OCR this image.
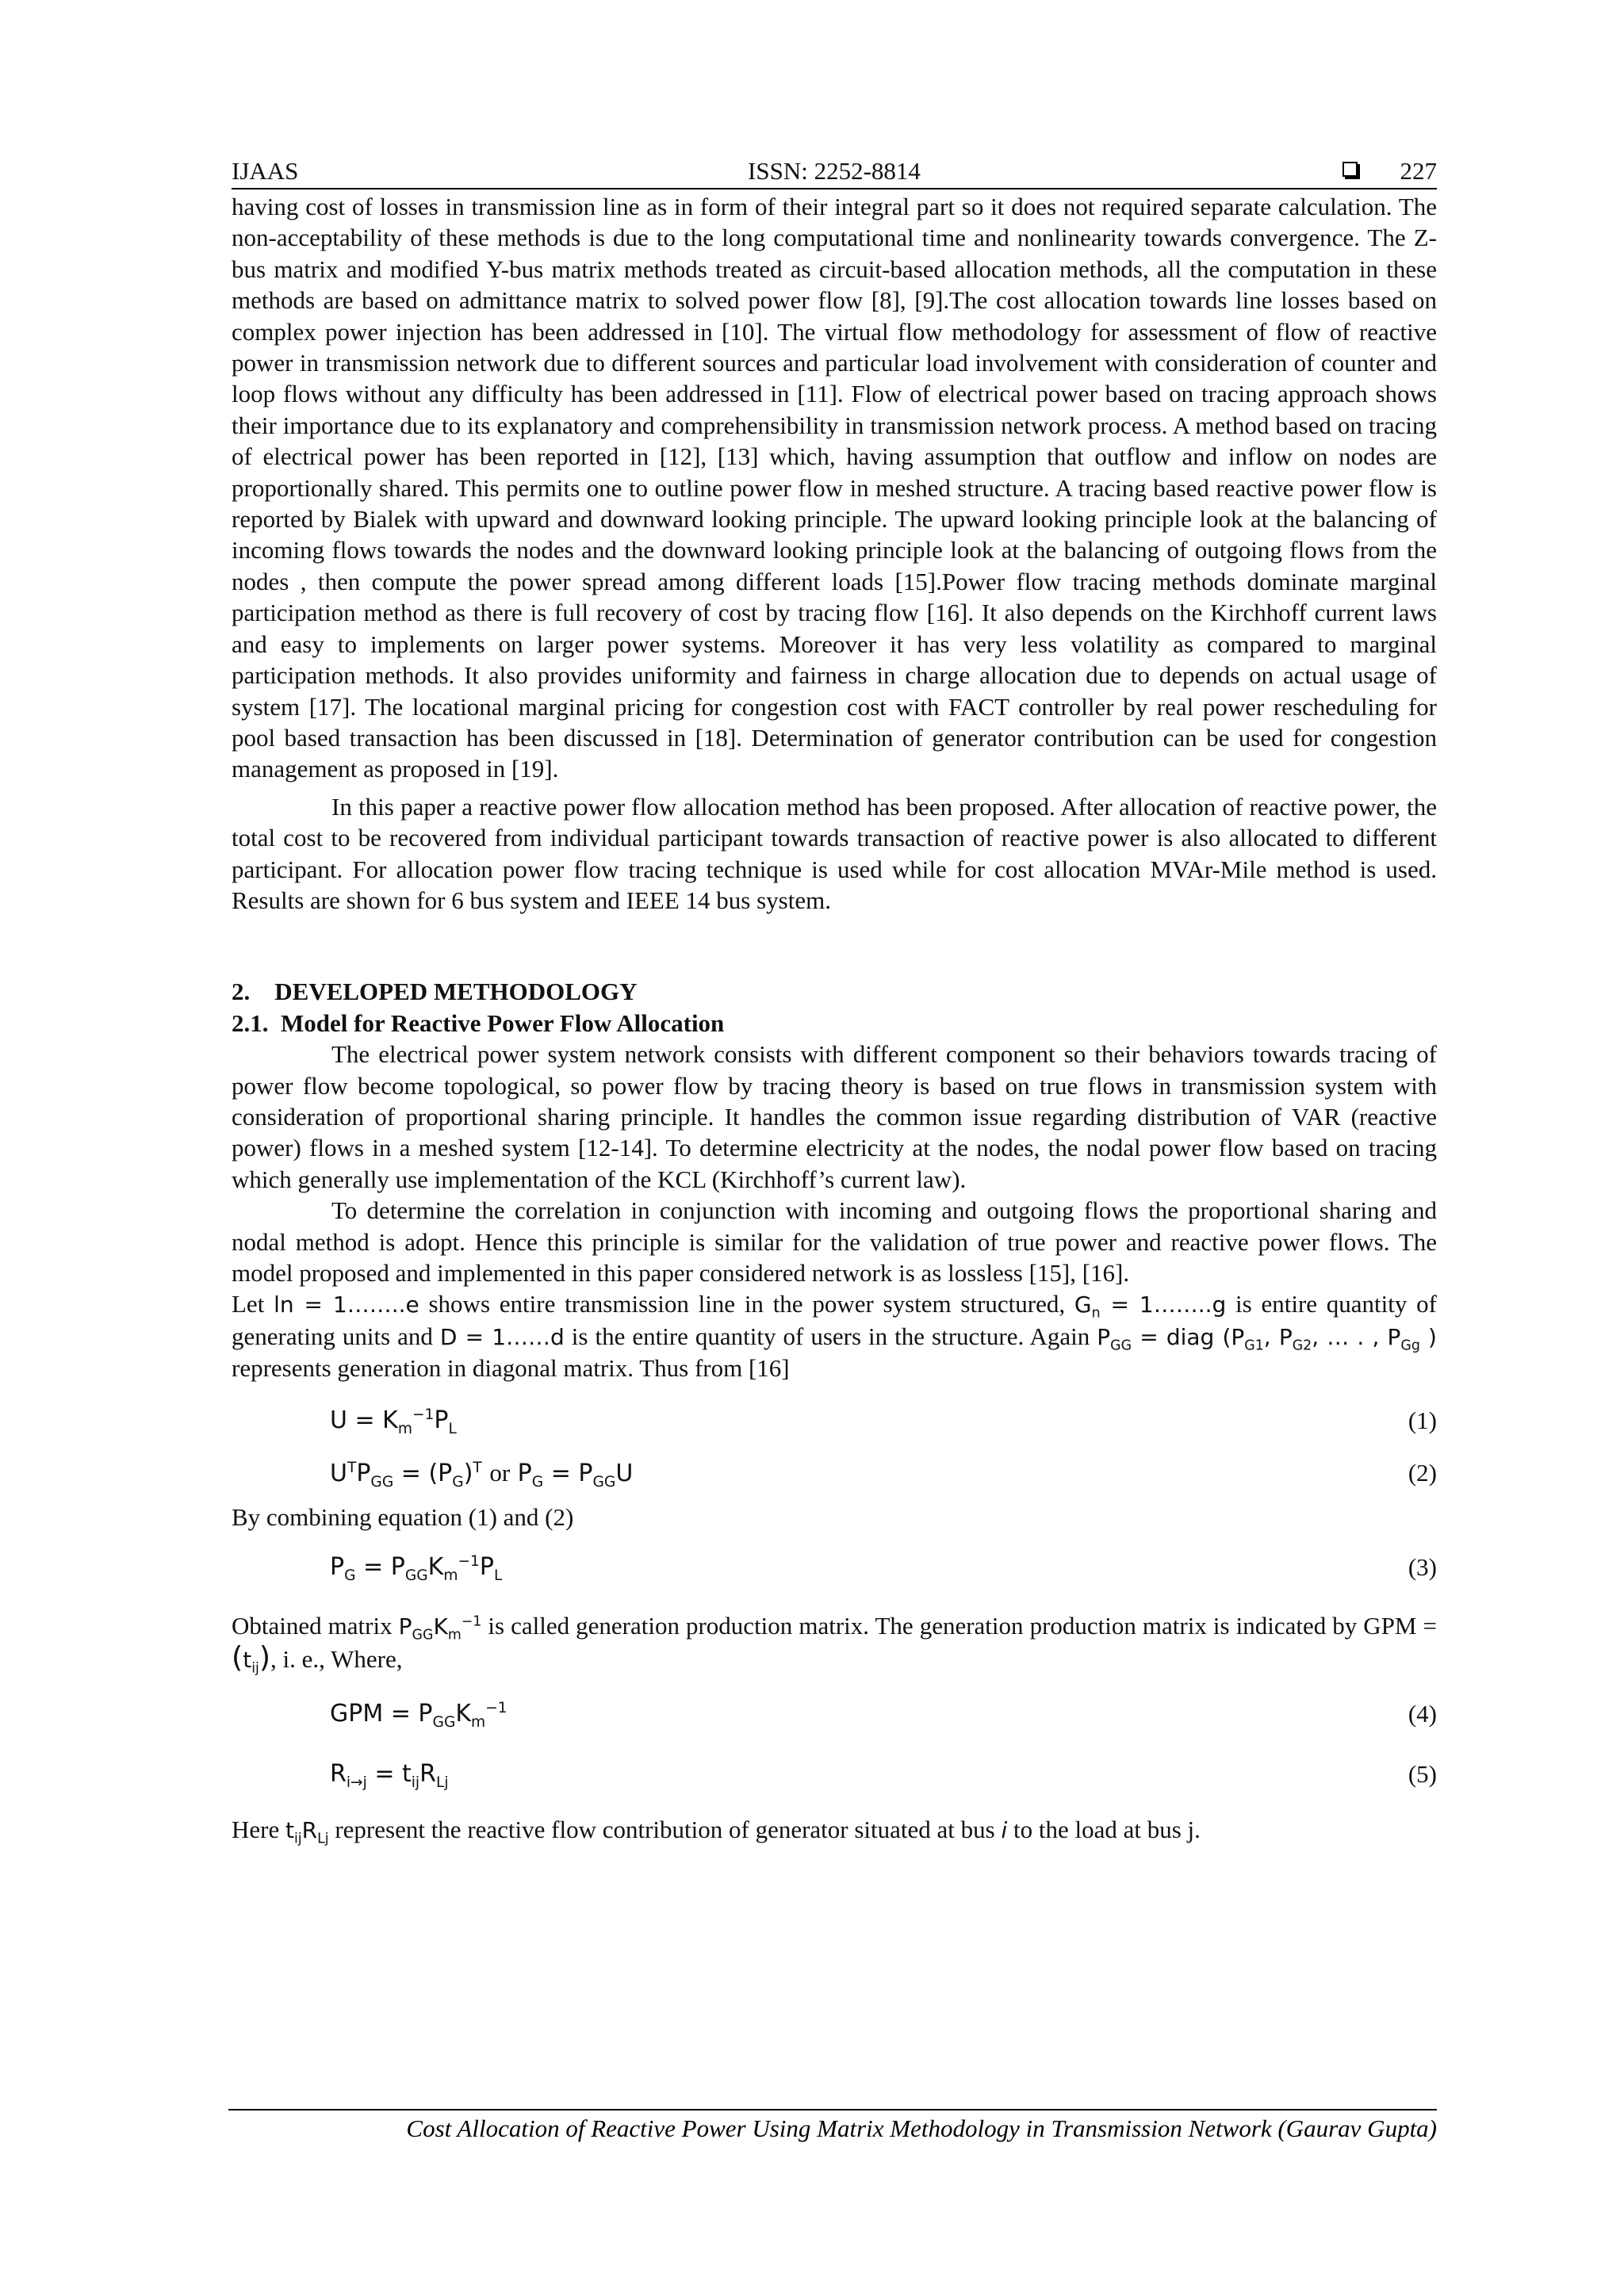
IJAAS	ISSN: 2252-8814	227

having cost of losses in transmission line as in form of their integral part so it does not required separate calculation. The non-acceptability of these methods is due to the long computational time and nonlinearity towards convergence. The Z-bus matrix and modified Y-bus matrix methods treated as circuit-based allocation methods, all the computation in these methods are based on admittance matrix to solved power flow [8], [9].The cost allocation towards line losses based on complex power injection has been addressed in [10]. The virtual flow methodology for assessment of flow of reactive power in transmission network due to different sources and particular load involvement with consideration of counter and loop flows without any difficulty has been addressed in [11]. Flow of electrical power based on tracing approach shows their importance due to its explanatory and comprehensibility in transmission network process. A method based on tracing of electrical power has been reported in [12], [13] which, having assumption that outflow and inflow on nodes are proportionally shared. This permits one to outline power flow in meshed structure. A tracing based reactive power flow is reported by Bialek with upward and downward looking principle. The upward looking principle look at the balancing of incoming flows towards the nodes and the downward looking principle look at the balancing of outgoing flows from the nodes , then compute the power spread among different loads [15].Power flow tracing methods dominate marginal participation method as there is full recovery of cost by tracing flow [16]. It also depends on the Kirchhoff current laws and easy to implements on larger power systems. Moreover it has very less volatility as compared to marginal participation methods. It also provides uniformity and fairness in charge allocation due to depends on actual usage of system [17]. The locational marginal pricing for congestion cost with FACT controller by real power rescheduling for pool based transaction has been discussed in [18]. Determination of generator contribution can be used for congestion management as proposed in [19].

In this paper a reactive power flow allocation method has been proposed. After allocation of reactive power, the total cost to be recovered from individual participant towards transaction of reactive power is also allocated to different participant. For allocation power flow tracing technique is used while for cost allocation MVAr-Mile method is used. Results are shown for 6 bus system and IEEE 14 bus system.

2.    DEVELOPED METHODOLOGY

2.1.  Model for Reactive Power Flow Allocation

The electrical power system network consists with different component so their behaviors towards tracing of power flow become topological, so power flow by tracing theory is based on true flows in transmission system with consideration of proportional sharing principle. It handles the common issue regarding distribution of VAR (reactive power) flows in a meshed system [12-14]. To determine electricity at the nodes, the nodal power flow based on tracing which generally use implementation of the KCL (Kirchhoff’s current law).

To determine the correlation in conjunction with incoming and outgoing flows the proportional sharing and nodal method is adopt. Hence this principle is similar for the validation of true power and reactive power flows. The model proposed and implemented in this paper considered network is as lossless [15], [16].

Let ln = 1……..e shows entire transmission line in the power system structured, $G_n$ = 1……..g is entire quantity of generating units and D = 1……d is the entire quantity of users in the structure. Again $P_{GG}$ = diag ($P_{G1}$, $P_{G2}$, … . , $P_{Gg}$ ) represents generation in diagonal matrix. Thus from [16]

$U = K_m^{-1}P_L$	(1)
$U^TP_{GG} = (P_G)^T$ or $P_G = P_{GG}U$	(2)

By combining equation (1) and (2)

$P_G = P_{GG}K_m^{-1}P_L$	(3)

Obtained matrix $P_{GG}K_m^{-1}$ is called generation production matrix. The generation production matrix is indicated by GPM = $(t_{ij})$, i. e., Where,

GPM = $P_{GG}K_m^{-1}$	(4)
$R_{i\to j} = t_{ij}R_{Lj}$	(5)

Here $t_{ij}R_{Lj}$ represent the reactive flow contribution of generator situated at bus i to the load at bus j.

Cost Allocation of Reactive Power Using Matrix Methodology in Transmission Network (Gaurav Gupta)
